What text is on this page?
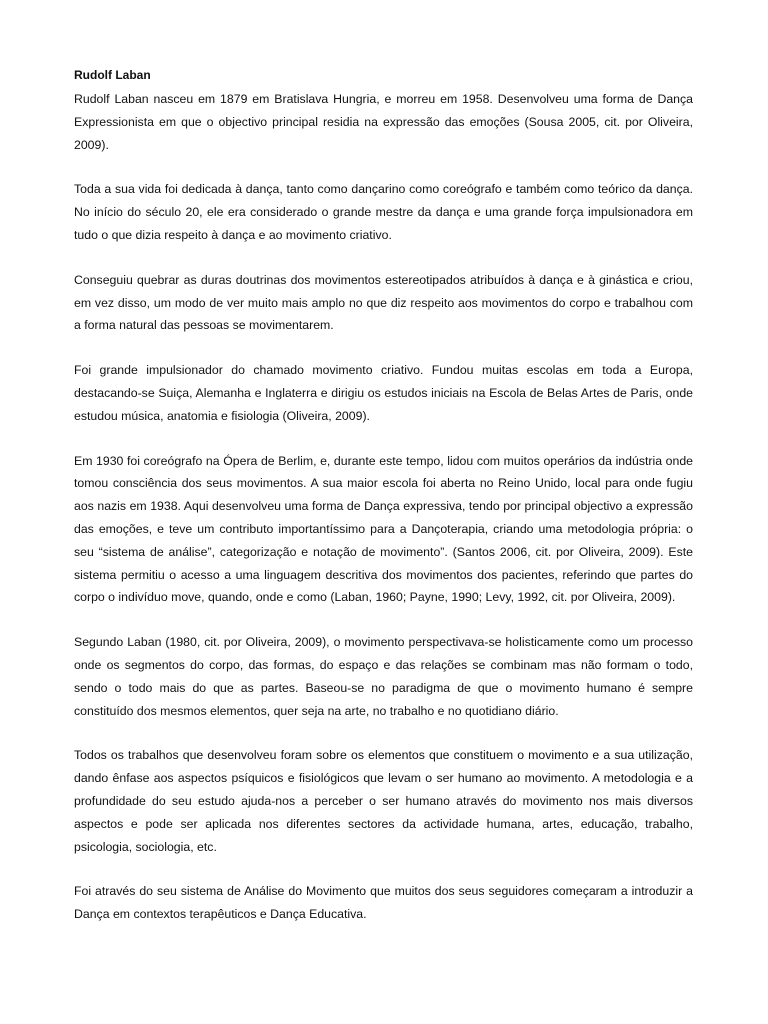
Rudolf Laban

Rudolf Laban nasceu em 1879 em Bratislava Hungria, e morreu em 1958. Desenvolveu uma forma de Dança Expressionista em que o objectivo principal residia na expressão das emoções (Sousa 2005, cit. por Oliveira, 2009).

Toda a sua vida foi dedicada à dança, tanto como dançarino como coreógrafo e também como teórico da dança. No início do século 20, ele era considerado o grande mestre da dança e uma grande força impulsionadora em tudo o que dizia respeito à dança e ao movimento criativo.

Conseguiu quebrar as duras doutrinas dos movimentos estereotipados atribuídos à dança e à ginástica e criou, em vez disso, um modo de ver muito mais amplo no que diz respeito aos movimentos do corpo e trabalhou com a forma natural das pessoas se movimentarem.

Foi grande impulsionador do chamado movimento criativo. Fundou muitas escolas em toda a Europa, destacando-se Suiça, Alemanha e Inglaterra e dirigiu os estudos iniciais na Escola de Belas Artes de Paris, onde estudou música, anatomia e fisiologia (Oliveira, 2009).

Em 1930 foi coreógrafo na Ópera de Berlim, e, durante este tempo, lidou com muitos operários da indústria onde tomou consciência dos seus movimentos. A sua maior escola foi aberta no Reino Unido, local para onde fugiu aos nazis em 1938. Aqui desenvolveu uma forma de Dança expressiva, tendo por principal objectivo a expressão das emoções, e teve um contributo importantíssimo para a Dançoterapia, criando uma metodologia própria: o seu “sistema de análise”, categorização e notação de movimento”. (Santos 2006, cit. por Oliveira, 2009). Este sistema permitiu o acesso a uma linguagem descritiva dos movimentos dos pacientes, referindo que partes do corpo o indivíduo move, quando, onde e como (Laban, 1960; Payne, 1990; Levy, 1992, cit. por Oliveira, 2009).

Segundo Laban (1980, cit. por Oliveira, 2009), o movimento perspectivava-se holisticamente como um processo onde os segmentos do corpo, das formas, do espaço e das relações se combinam mas não formam o todo, sendo o todo mais do que as partes. Baseou-se no paradigma de que o movimento humano é sempre constituído dos mesmos elementos, quer seja na arte, no trabalho e no quotidiano diário.

Todos os trabalhos que desenvolveu foram sobre os elementos que constituem o movimento e a sua utilização, dando ênfase aos aspectos psíquicos e fisiológicos que levam o ser humano ao movimento. A metodologia e a profundidade do seu estudo ajuda-nos a perceber o ser humano através do movimento nos mais diversos aspectos e pode ser aplicada nos diferentes sectores da actividade humana, artes, educação, trabalho, psicologia, sociologia, etc.

Foi através do seu sistema de Análise do Movimento que muitos dos seus seguidores começaram a introduzir a Dança em contextos terapêuticos e Dança Educativa.
